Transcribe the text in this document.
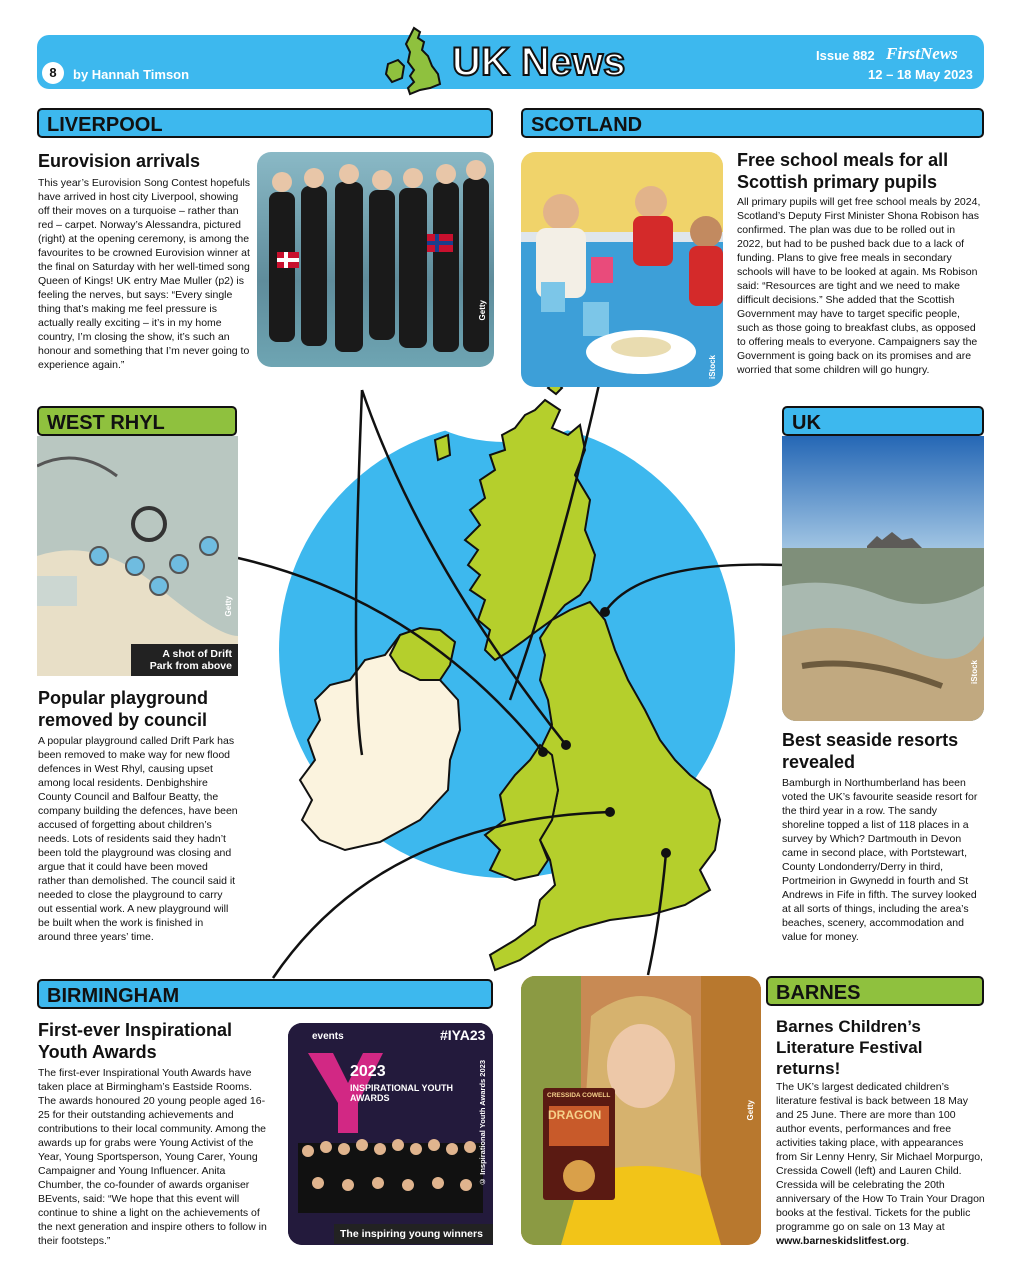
8	by Hannah Timson	UK News	Issue 882 FirstNews
12 – 18 May 2023
LIVERPOOL
Eurovision arrivals

This year’s Eurovision Song Contest hopefuls have arrived in host city Liverpool, showing off their moves on a turquoise – rather than red – carpet. Norway’s Alessandra, pictured (right) at the opening ceremony, is among the favourites to be crowned Eurovision winner at the final on Saturday with her well-timed song Queen of Kings! UK entry Mae Muller (p2) is feeling the nerves, but says: “Every single thing that’s making me feel pressure is actually really exciting – it’s in my home country, I’m closing the show, it’s such an honour and something that I’m never going to experience again.”

Getty
SCOTLAND
iStock
Free school meals for all Scottish primary pupils

All primary pupils will get free school meals by 2024, Scotland’s Deputy First Minister Shona Robison has confirmed. The plan was due to be rolled out in 2022, but had to be pushed back due to a lack of funding. Plans to give free meals in secondary schools will have to be looked at again. Ms Robison said: “Resources are tight and we need to make difficult decisions.” She added that the Scottish Government may have to target specific people, such as those going to breakfast clubs, as opposed to offering meals to everyone. Campaigners say the Government is going back on its promises and are worried that some children will go hungry.

WEST RHYL
A shot of Drift Park from above
Getty
Popular playground removed by council

A popular playground called Drift Park has been removed to make way for new flood defences in West Rhyl, causing upset among local residents. Denbighshire County Council and Balfour Beatty, the company building the defences, have been accused of forgetting about children’s needs. Lots of residents said they hadn’t been told the playground was closing and argue that it could have been moved rather than demolished. The council said it needed to close the playground to carry out essential work. A new playground will be built when the work is finished in around three years’ time.

UK
iStock
Best seaside resorts revealed

Bamburgh in Northumberland has been voted the UK’s favourite seaside resort for the third year in a row. The sandy shoreline topped a list of 118 places in a survey by Which? Dartmouth in Devon came in second place, with Portstewart, County Londonderry/Derry in third, Portmeirion in Gwynedd in fourth and St Andrews in Fife in fifth. The survey looked at all sorts of things, including the area’s beaches, scenery, accommodation and value for money.

BIRMINGHAM
First-ever Inspirational Youth Awards

The first-ever Inspirational Youth Awards have taken place at Birmingham’s Eastside Rooms. The awards honoured 20 young people aged 16-25 for their outstanding achievements and contributions to their local community. Among the awards up for grabs were Young Activist of the Year, Young Sportsperson, Young Carer, Young Campaigner and Young Influencer. Anita Chumber, the co-founder of awards organiser BEvents, said: “We hope that this event will continue to shine a light on the achievements of the next generation and inspire others to follow in their footsteps.”

events	#IYA23
2023
INSPIRATIONAL YOUTH AWARDS
The inspiring young winners
© Inspirational Youth Awards 2023	CRESSIDA COWELL
DRAGON	Getty
BARNES
Barnes Children’s Literature Festival returns!

The UK’s largest dedicated children’s literature festival is back between 18 May and 25 June. There are more than 100 author events, performances and free activities taking place, with appearances from Sir Lenny Henry, Sir Michael Morpurgo, Cressida Cowell (left) and Lauren Child. Cressida will be celebrating the 20th anniversary of the How To Train Your Dragon books at the festival. Tickets for the public programme go on sale on 13 May at www.barneskidslitfest.org.
